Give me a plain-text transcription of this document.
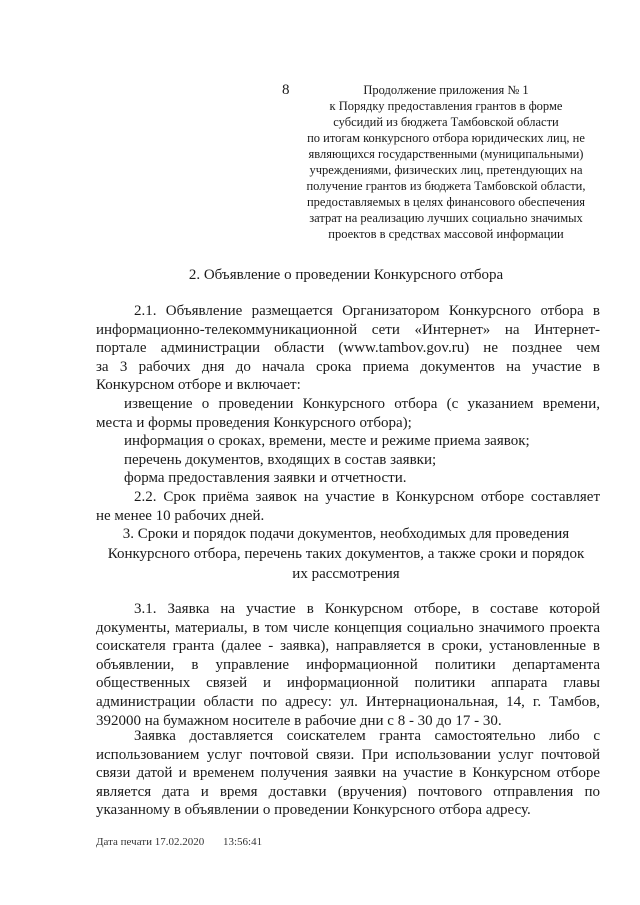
8	Продолжение приложения № 1
к Порядку предоставления грантов в форме
субсидий из бюджета Тамбовской области
по итогам конкурсного отбора юридических лиц, не
являющихся государственными (муниципальными)
учреждениями, физических лиц, претендующих на
получение грантов из бюджета Тамбовской области,
предоставляемых в целях финансового обеспечения
затрат на реализацию лучших социально значимых
проектов в средствах массовой информации
2. Объявление о проведении Конкурсного отбора
2.1. Объявление размещается Организатором Конкурсного отбора в
информационно-телекоммуникационной сети «Интернет» на Интернет-
портале администрации области (www.tambov.gov.ru) не позднее чем
за 3 рабочих дня до начала срока приема документов на участие в
Конкурсном отборе и включает:
извещение о проведении Конкурсного отбора (с указанием времени,
места и формы проведения Конкурсного отбора);
информация о сроках, времени, месте и режиме приема заявок;
перечень документов, входящих в состав заявки;
форма предоставления заявки и отчетности.
2.2. Срок приёма заявок на участие в Конкурсном отборе составляет
не менее 10 рабочих дней.
3. Сроки и порядок подачи документов, необходимых для проведения
Конкурсного отбора, перечень таких документов, а также сроки и порядок
их рассмотрения
3.1. Заявка на участие в Конкурсном отборе, в составе которой
документы, материалы, в том числе концепция социально значимого проекта
соискателя гранта (далее - заявка), направляется в сроки, установленные в
объявлении, в управление информационной политики департамента
общественных связей и информационной политики аппарата главы
администрации области по адресу: ул. Интернациональная, 14, г. Тамбов,
392000 на бумажном носителе в рабочие дни с 8 - 30 до 17 - 30.
Заявка доставляется соискателем гранта самостоятельно либо с
использованием услуг почтовой связи. При использовании услуг почтовой
связи датой и временем получения заявки на участие в Конкурсном отборе
является дата и время доставки (вручения) почтового отправления по
указанному в объявлении о проведении Конкурсного отбора адресу.
Дата печати 17.02.2020 13:56:41
